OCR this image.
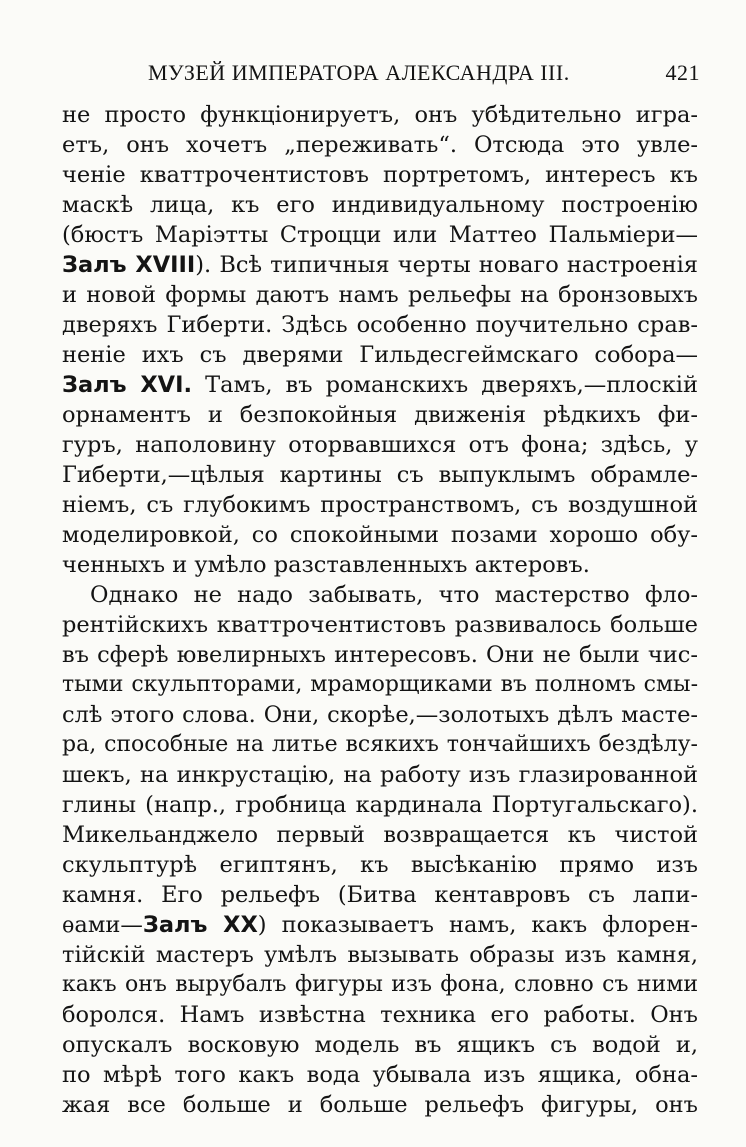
МУЗЕЙ ИМПЕРАТОРА АЛЕКСАНДРА III.	421
не просто функціонируетъ, онъ убѣдительно игра-
етъ, онъ хочетъ „переживать“. Отсюда это увле-
ченіе кваттрочентистовъ портретомъ, интересъ къ
маскѣ лица, къ его индивидуальному построенію
(бюстъ Маріэтты Строцци или Маттео Пальміери—
Залъ XVIII). Всѣ типичныя черты новаго настроенія
и новой формы даютъ намъ рельефы на бронзовыхъ
дверяхъ Гиберти. Здѣсь особенно поучительно срав-
неніе ихъ съ дверями Гильдесгеймскаго собора—
Залъ XVI. Тамъ, въ романскихъ дверяхъ,—плоскій
орнаментъ и безпокойныя движенія рѣдкихъ фи-
гуръ, наполовину оторвавшихся отъ фона; здѣсь, у
Гиберти,—цѣлыя картины съ выпуклымъ обрамле-
ніемъ, съ глубокимъ пространствомъ, съ воздушной
моделировкой, со спокойными позами хорошо обу-
ченныхъ и умѣло разставленныхъ актеровъ.
Однако не надо забывать, что мастерство фло-
рентійскихъ кваттрочентистовъ развивалось больше
въ сферѣ ювелирныхъ интересовъ. Они не были чис-
тыми скульпторами, мраморщиками въ полномъ смы-
слѣ этого слова. Они, скорѣе,—золотыхъ дѣлъ масте-
ра, способные на литье всякихъ тончайшихъ бездѣлу-
шекъ, на инкрустацію, на работу изъ глазированной
глины (напр., гробница кардинала Португальскаго).
Микельанджело первый возвращается къ чистой
скульптурѣ египтянъ, къ высѣканію прямо изъ
камня. Его рельефъ (Битва кентавровъ съ лапи-
ѳами—Залъ XX) показываетъ намъ, какъ флорен-
тійскій мастеръ умѣлъ вызывать образы изъ камня,
какъ онъ вырубалъ фигуры изъ фона, словно съ ними
боролся. Намъ извѣстна техника его работы. Онъ
опускалъ восковую модель въ ящикъ съ водой и,
по мѣрѣ того какъ вода убывала изъ ящика, обна-
жая все больше и больше рельефъ фигуры, онъ
